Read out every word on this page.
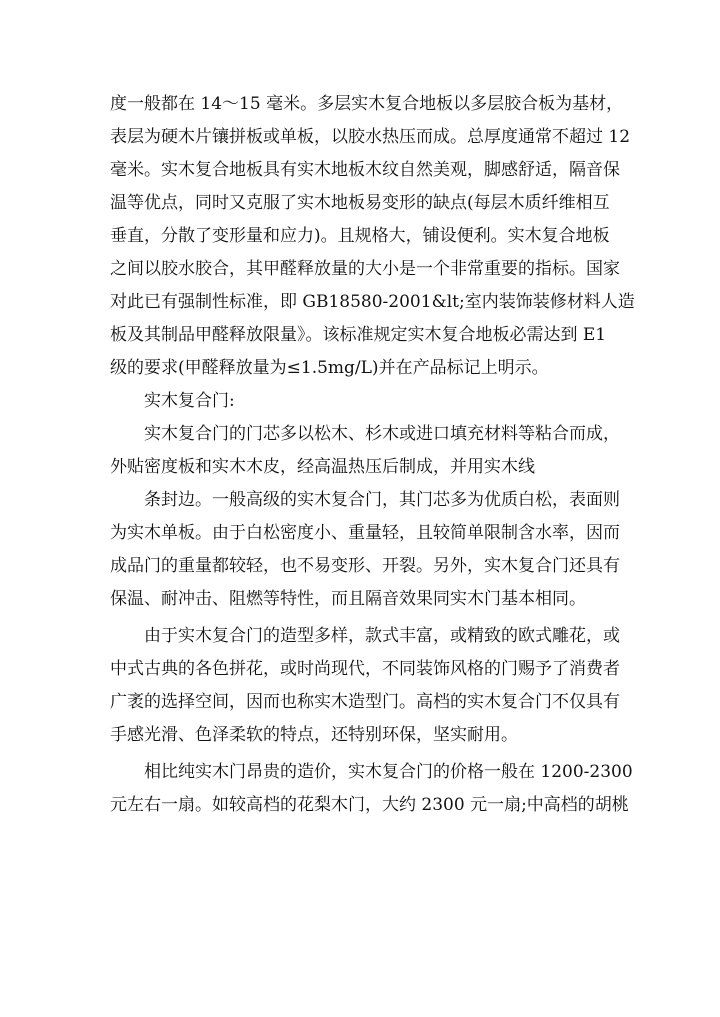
度一般都在 14～15 毫米。多层实木复合地板以多层胶合板为基材，
表层为硬木片镶拼板或单板，以胶水热压而成。总厚度通常不超过 12
毫米。实木复合地板具有实木地板木纹自然美观，脚感舒适，隔音保
温等优点，同时又克服了实木地板易变形的缺点(每层木质纤维相互
垂直，分散了变形量和应力)。且规格大，铺设便利。实木复合地板
之间以胶水胶合，其甲醛释放量的大小是一个非常重要的指标。国家
对此已有强制性标准，即 GB18580-2001&lt;室内装饰装修材料人造
板及其制品甲醛释放限量》。该标准规定实木复合地板必需达到 E1
级的要求(甲醛释放量为≤1.5mg/L)并在产品标记上明示。
实木复合门:
实木复合门的门芯多以松木、杉木或进口填充材料等粘合而成，
外贴密度板和实木木皮，经高温热压后制成，并用实木线
条封边。一般高级的实木复合门，其门芯多为优质白松，表面则
为实木单板。由于白松密度小、重量轻，且较简单限制含水率，因而
成品门的重量都较轻，也不易变形、开裂。另外，实木复合门还具有
保温、耐冲击、阻燃等特性，而且隔音效果同实木门基本相同。
由于实木复合门的造型多样，款式丰富，或精致的欧式雕花，或
中式古典的各色拼花，或时尚现代，不同装饰风格的门赐予了消费者
广袤的选择空间，因而也称实木造型门。高档的实木复合门不仅具有
手感光滑、色泽柔软的特点，还特别环保，坚实耐用。
相比纯实木门昂贵的造价，实木复合门的价格一般在 1200-2300
元左右一扇。如较高档的花梨木门，大约 2300 元一扇;中高档的胡桃
